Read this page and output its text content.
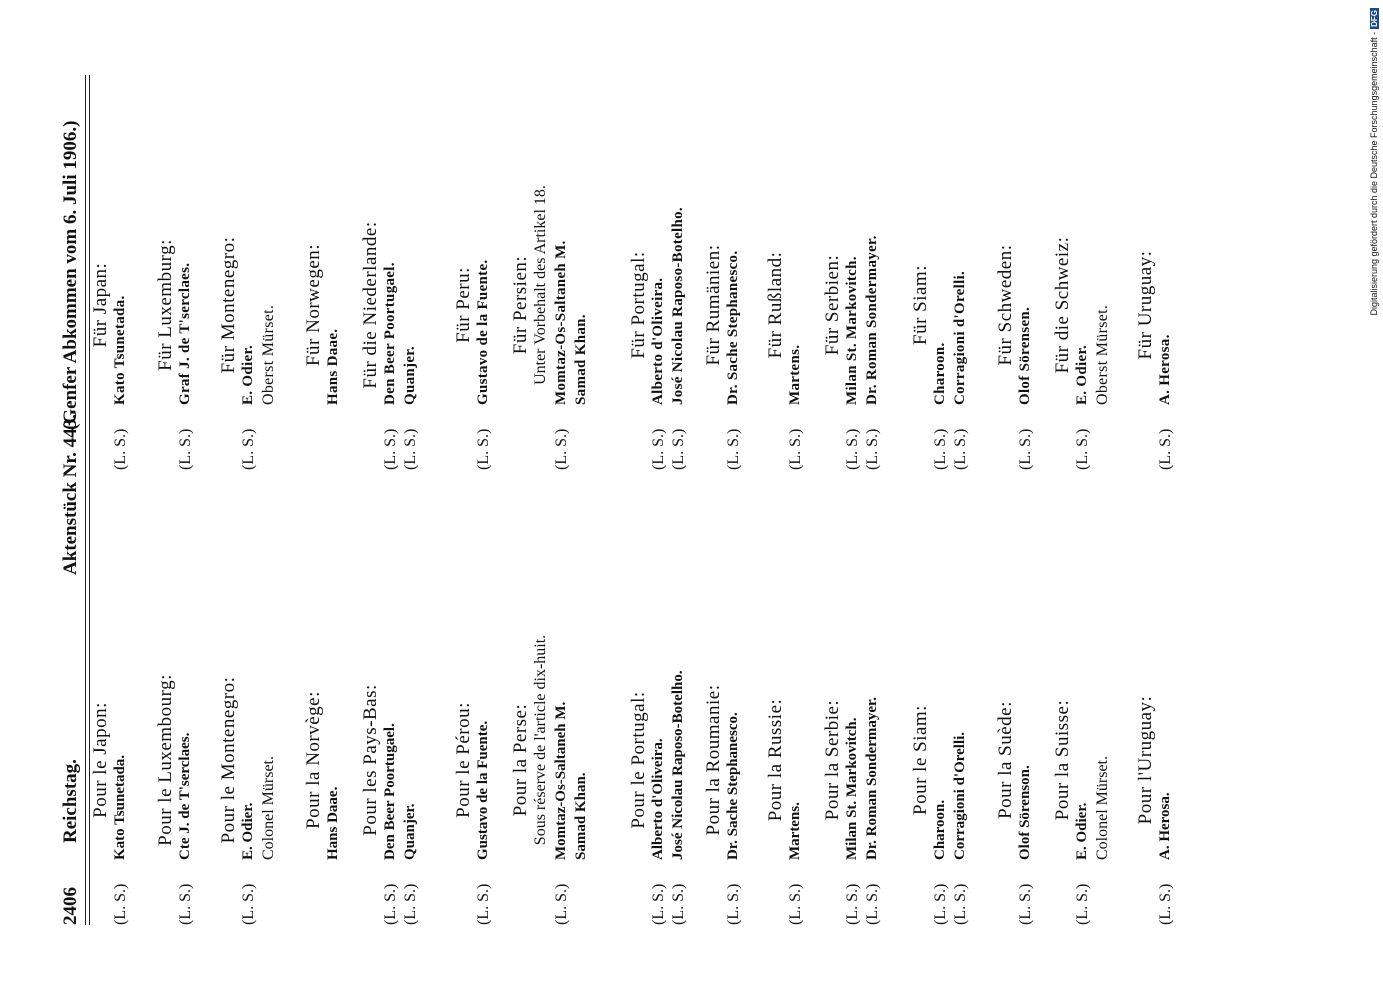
2406
Reichstag.
Aktenstück Nr. 443.
(Genfer Abkommen vom 6. Juli 1906.)
Pour le Japon:
(L. S.)
Kato Tsunetada. Pour le Luxembourg:
(L. S.)
Cte J. de T'serclaes. Pour le Montenegro:
(L. S.)
E. Odier. Colonel Mürset. Pour la Norvège: Hans Daae. Pour les Pays-Bas:
(L. S.)
Den Beer Poortugael.
(L. S.)
Quanjer.
Pour le Pérou:
(L. S.)
Gustavo de la Fuente. Pour la Perse: Sous réserve de l'article dix-huit.
(L. S.)
Momtaz-Os-Saltaneh M. Samad Khan. Pour le Portugal:
(L. S.)
Alberto d'Oliveira.
(L. S.)
José Nicolau Raposo-Botelho. Pour la Roumanie:
(L. S.)
Dr. Sache Stephanesco. Pour la Russie:
(L. S.)
Martens.
Pour la Serbie:
(L. S.)
Milan St. Markovitch.
(L. S.)
Dr. Roman Sondermayer. Pour le Siam:
(L. S.)
Charoon.
(L. S.)
Corragioni d'Orelli. Pour la Suède:
(L. S.)
Olof Sörenson. Pour la Suisse:
(L. S.)
E. Odier. Colonel Mürset. Pour l'Uruguay:
(L. S.)
A. Herosa.
Für Japan:
(L. S.)
Kato Tsunetada. Für Luxemburg:
(L. S.)
Graf J. de T'serclaes. Für Montenegro:
(L. S.)
E. Odier. Oberst Mürset. Für Norwegen:
Hans Daae. Für die Niederlande:
(L. S.)
Den Beer Poortugael.
(L. S.)
Quanjer.
Für Peru:
(L. S.)
Gustavo de la Fuente. Für Persien: Unter Vorbehalt des Artikel 18.
(L. S.)
Momtaz-Os-Saltaneh M. Samad Khan.
Für Portugal:
(L. S.)
Alberto d'Oliveira.
(L. S.)
José Nicolau Raposo-Botelho. Für Rumänien:
(L. S.)
Dr. Sache Stephanesco. Für Rußland:
(L. S.)
Martens.
Für Serbien:
(L. S.)
Milan St. Markovitch.
(L. S.)
Dr. Roman Sondermayer. Für Siam:
(L. S.)
Charoon.
(L. S.)
Corragioni d'Orelli. Für Schweden:
(L. S.)
Olof Sörensen. Für die Schweiz:
(L. S.)
E. Odier. Oberst Mürset. Für Uruguay:
(L. S.)
A. Herosa.
Digitalisierung gefördert durch die Deutsche Forschungsgemeinschaft -
DFG
